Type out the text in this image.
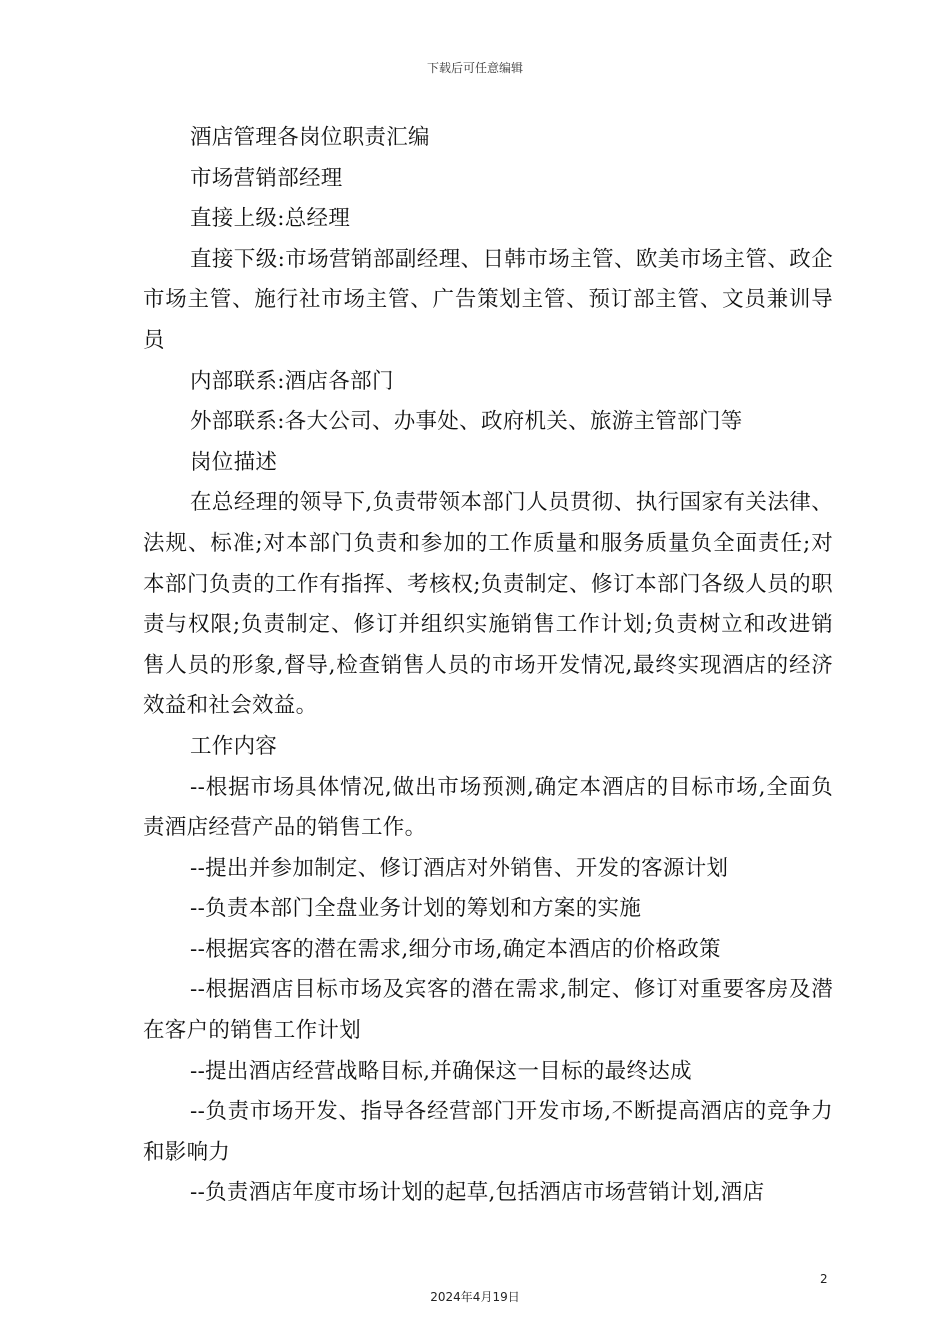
下载后可任意编辑

酒店管理各岗位职责汇编

市场营销部经理

直接上级:总经理

直接下级:市场营销部副经理、日韩市场主管、欧美市场主管、政企市场主管、施行社市场主管、广告策划主管、预订部主管、文员兼训导员

内部联系:酒店各部门

外部联系:各大公司、办事处、政府机关、旅游主管部门等

岗位描述

在总经理的领导下,负责带领本部门人员贯彻、执行国家有关法律、法规、标准;对本部门负责和参加的工作质量和服务质量负全面责任;对本部门负责的工作有指挥、考核权;负责制定、修订本部门各级人员的职责与权限;负责制定、修订并组织实施销售工作计划;负责树立和改进销售人员的形象,督导,检查销售人员的市场开发情况,最终实现酒店的经济效益和社会效益。

工作内容

--根据市场具体情况,做出市场预测,确定本酒店的目标市场,全面负责酒店经营产品的销售工作。

--提出并参加制定、修订酒店对外销售、开发的客源计划

--负责本部门全盘业务计划的筹划和方案的实施

--根据宾客的潜在需求,细分市场,确定本酒店的价格政策

--根据酒店目标市场及宾客的潜在需求,制定、修订对重要客房及潜在客户的销售工作计划

--提出酒店经营战略目标,并确保这一目标的最终达成

--负责市场开发、指导各经营部门开发市场,不断提高酒店的竞争力和影响力

--负责酒店年度市场计划的起草,包括酒店市场营销计划,酒店

2
2024年4月19日
